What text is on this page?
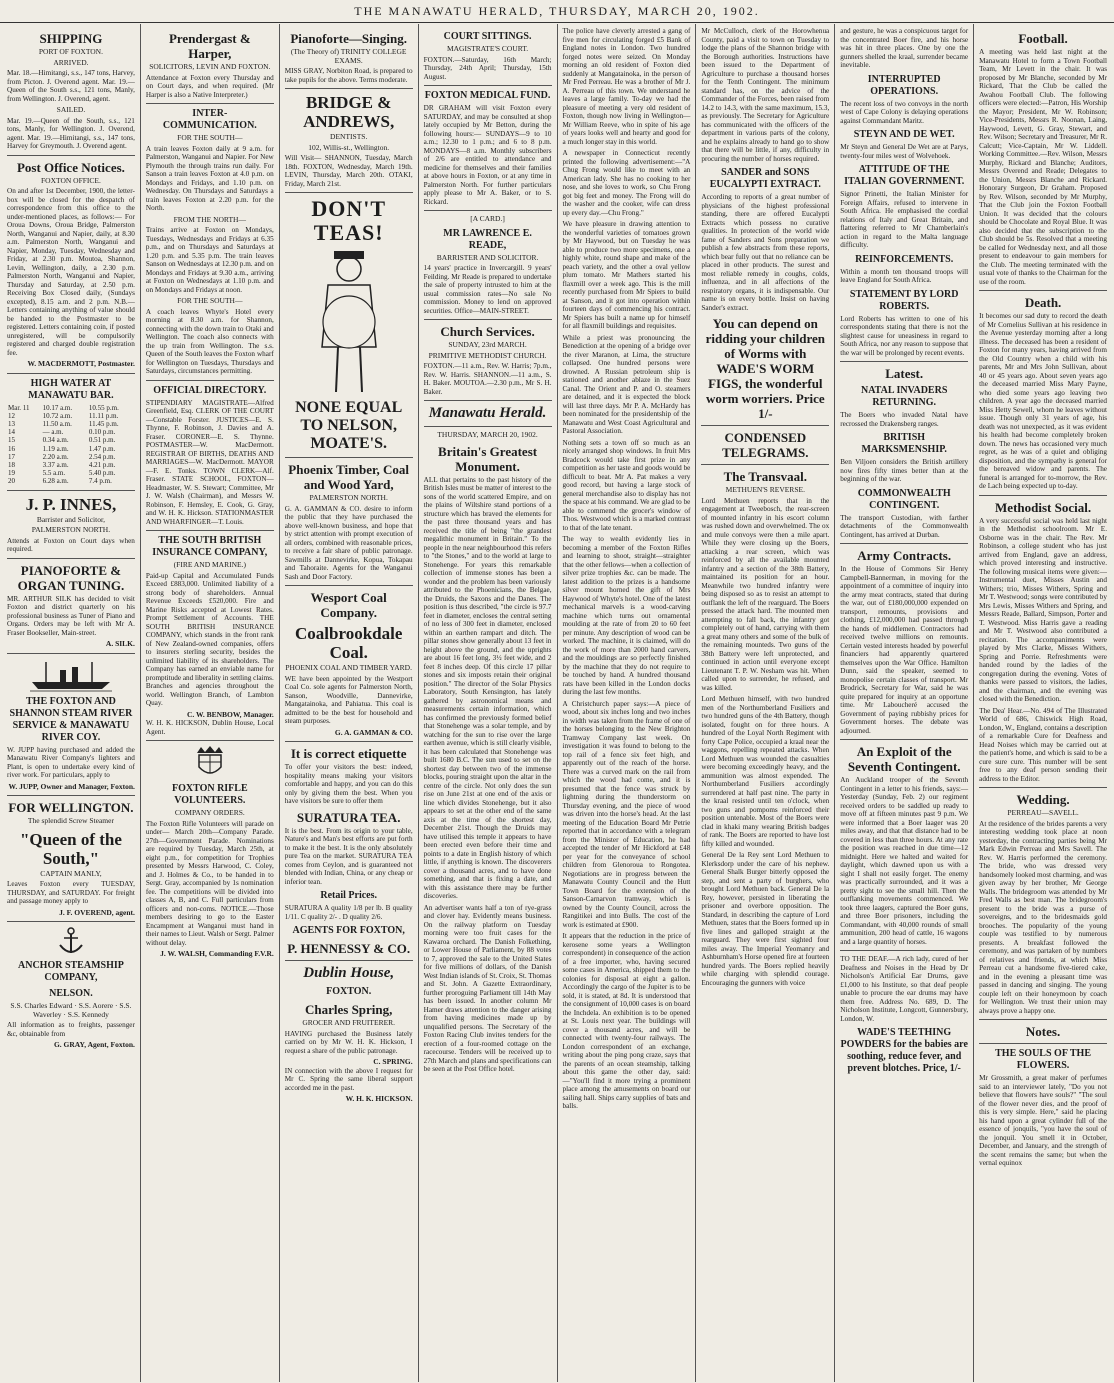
THE MANAWATU HERALD, THURSDAY, MARCH 20, 1902.
SHIPPING
PORT OF FOXTON.
ARRIVED.
Mar. 18.—Himitangi, s.s., 147 tons, Harvey, from Picton. J. Overend agent. Mar. 19.—Queen of the South s.s., 121 tons, Manly, from Wellington. J. Overend, agent.
SAILED.
Mar. 19.—Queen of the South, s.s., 121 tons, Manly, for Wellington. J. Overend, agent. Mar. 19.—Himitangi, s.s., 147 tons, Harvey for Greymouth. J. Overend agent.
Post Office Notices.
FOXTON OFFICE.
On and after 1st December, 1900, the letter-box will be closed for the despatch of correspondence from this office to the under-mentioned places, as follows:— For Oroua Downs, Oroua Bridge, Palmerston North, Wanganui and Napier, daily, at 8.30 a.m. Palmerston North, Wanganui and Napier, Monday, Tuesday, Wednesday and Friday, at 2.30 p.m. Moutoa, Shannon, Levin, Wellington, daily, a 2.30 p.m. Palmerston North, Wanganui and Napier, Thursday and Saturday, at 2.50 p.m. Receiving Box Closed daily, (Sundays excepted), 8.15 a.m. and 2 p.m. N.B.—Letters containing anything of value should be handed to the Postmaster to be registered. Letters containing coin, if posted unregistered, will be compulsorily registered and charged double registration fee.
W. MACDERMOTT, Postmaster.
HIGH WATER AT MANAWATU BAR.
Mar. 11	10.17 a.m.	10.55 p.m.
12	10.72 a.m.	11.11 p.m.
13	11.50 a.m.	11.45 p.m.
14	— a.m.	0.10 p.m.
15	0.34 a.m.	0.51 p.m.
16	1.19 a.m.	1.47 p.m.
17	2.20 a.m.	2.54 p.m.
18	3.37 a.m.	4.21 p.m.
19	5.5 a.m.	5.40 p.m.
20	6.28 a.m.	7.4 p.m.
J. P. INNES,
Barrister and Solicitor,
PALMERSTON NORTH.
Attends at Foxton on Court days when required.
PIANOFORTE & ORGAN TUNING.
MR. ARTHUR SILK has decided to visit Foxton and district quarterly on his professional business as Tuner of Piano and Organs. Orders may be left with Mr A. Fraser Bookseller, Main-street.
A. SILK.
THE FOXTON AND SHANNON STEAM RIVER SERVICE & MANAWATU RIVER COY.
W. JUPP having purchased and added the Manawatu River Company's lighters and Plant, is open to undertake every kind of river work. For particulars, apply to
W. JUPP, Owner and Manager, Foxton.
FOR WELLINGTON.
The splendid Screw Steamer
"Queen of the South,"
CAPTAIN MANLY,
Leaves Foxton every TUESDAY, THURSDAY, and SATURDAY. For freight and passage money apply to
J. F. OVEREND, agent.
ANCHOR STEAMSHIP COMPANY,
NELSON.
S.S. Charles Edward · S.S. Aorere · S.S. Waverley · S.S. Kennedy
All information as to freights, passenger &c, obtainable from
G. GRAY, Agent, Foxton.
Prendergast & Harper,
SOLICITORS, LEVIN AND FOXTON.
Attendance at Foxton every Thursday and on Court days, and when required. (Mr Harper is also a Native Interpreter.)
INTER-COMMUNICATION.
FOR THE SOUTH—
A train leaves Foxton daily at 9 a.m. for Palmerston, Wanganui and Napier. For New Plymouth the through trains run daily. For Sanson a train leaves Foxton at 4.0 p.m. on Mondays and Fridays, and 1.10 p.m. on Wednesday. On Thursdays and Saturdays a train leaves Foxton at 2.20 p.m. for the North.
FROM THE NORTH—
Trains arrive at Foxton on Mondays, Tuesdays, Wednesdays and Fridays at 6.35 p.m., and on Thursdays and Saturdays at 1.20 p.m. and 5.35 p.m. The train leaves Sanson on Wednesdays at 12.30 p.m. and on Mondays and Fridays at 9.30 a.m., arriving at Foxton on Wednesdays at 1.10 p.m. and on Mondays and Fridays at noon.
FOR THE SOUTH—
A coach leaves Whyte's Hotel every morning at 8.30 a.m. for Shannon, connecting with the down train to Otaki and Wellington. The coach also connects with the up train from Wellington. The s.s. Queen of the South leaves the Foxton wharf for Wellington on Tuesdays, Thursdays and Saturdays, circumstances permitting.
OFFICIAL DIRECTORY.
STIPENDIARY MAGISTRATE—Alfred Greenfield, Esq. CLERK OF THE COURT—Constable Forster. JUSTICES—E. S. Thynne, F. Robinson, J. Davies and A. Fraser. CORONER—E. S. Thynne. POSTMASTER—W. MacDermott. REGISTRAR OF BIRTHS, DEATHS AND MARRIAGES—W. MacDermott. MAYOR—F. E. Tonks. TOWN CLERK—Alf. Fraser. STATE SCHOOL, FOXTON—Headmaster, W. S. Stewart; Committee, Mr J. W. Walsh (Chairman), and Messrs W. Robinson, F. Hemsley, E. Cook, G. Gray, and W. H. K. Hickson. STATIONMASTER AND WHARFINGER—T. Louis.
THE SOUTH BRITISH INSURANCE COMPANY,
(FIRE AND MARINE.)
Paid-up Capital and Accumulated Funds Exceed £883,000. Unlimited liability of a strong body of shareholders. Annual Revenue Exceeds £520,000. Fire and Marine Risks accepted at Lowest Rates. Prompt Settlement of Accounts. THE SOUTH BRITISH INSURANCE COMPANY, which stands in the front rank of New Zealand-owned companies, offers to insurers sterling security, besides the unlimited liability of its shareholders. The Company has earned an enviable name for promptitude and liberality in settling claims. Branches and agencies throughout the world. Wellington Branch, of Lambton Quay.
C. W. BENBOW, Manager.
W. H. K. HICKSON, Dublin House, Local Agent.
FOXTON RIFLE VOLUNTEERS.
COMPANY ORDERS.
The Foxton Rifle Volunteers will parade on under— March 20th—Company Parade. 27th—Government Parade. Nominations are required by Tuesday, March 25th, at eight p.m., for competition for Trophies presented by Messrs Harwood, C. Coley, and J. Holmes & Co., to be handed in to Sergt. Gray, accompanied by 1s nomination fee. The competitions will be divided into classes A, B, and C. Full particulars from officers and non-coms. NOTICE.—Those members desiring to go to the Easter Encampment at Wanganui must hand in their names to Lieut. Walsh or Sergt. Palmer without delay.
J. W. WALSH, Commanding F.V.R.
Pianoforte—Singing.
(The Theory of) TRINITY COLLEGE EXAMS.
MISS GRAY, Norbiton Road, is prepared to take pupils for the above. Terms moderate.
BRIDGE & ANDREWS,
DENTISTS.
102, Willis-st., Wellington.
Will Visit— SHANNON, Tuesday, March 18th. FOXTON, Wednesday, March 19th. LEVIN, Thursday, March 20th. OTAKI, Friday, March 21st.
DON'T TEAS!
NONE EQUAL TO NELSON, MOATE'S.
Phoenix Timber, Coal and Wood Yard,
PALMERSTON NORTH.
G. A. GAMMAN & CO. desire to inform the public that they have purchased the above well-known business, and hope that by strict attention with prompt execution of all orders, combined with reasonable prices, to receive a fair share of public patronage. Sawmills at Dannevirke, Kopua, Tokapau and Tahoraite. Agents for the Wanganui Sash and Door Factory.
Wesport Coal Company.
Coalbrookdale Coal.
PHOENIX COAL AND TIMBER YARD.
WE have been appointed by the Westport Coal Co. sole agents for Palmerston North, Sanson, Woodville, Dannevirke, Mangatainoka, and Pahiatua. This coal is admitted to be the best for household and steam purposes.
G. A. GAMMAN & CO.
It is correct etiquette
To offer your visitors the best: indeed, hospitality means making your visitors comfortable and happy, and you can do this only by giving them the best. When you have visitors be sure to offer them
SURATURA TEA.
It is the best. From its origin to your table, Nature's and Man's best efforts are put forth to make it the best. It is the only absolutely pure Tea on the market. SURATURA TEA comes from Ceylon, and is guaranteed not blended with Indian, China, or any cheap or inferior tean.
Retail Prices.
SURATURA A quality 1/8 per lb. B quality 1/11. C quality 2/- . D quality 2/6.
AGENTS FOR FOXTON,
P. HENNESSY & CO.
Dublin House,
FOXTON.
Charles Spring,
GROCER AND FRUITERER.
HAVING purchased the Business lately carried on by Mr W. H. K. Hickson, I request a share of the public patronage.
C. SPRING.
IN connection with the above I request for Mr C. Spring the same liberal support accorded me in the past.
W. H. K. HICKSON.
COURT SITTINGS.
MAGISTRATE'S COURT.
FOXTON.—Saturday, 16th March; Thursday, 24th April; Thursday, 15th August.
FOXTON MEDICAL FUND.
DR GRAHAM will visit Foxton every SATURDAY, and may be consulted at shop lately occupied by Mr Betton, during the following hours:— SUNDAYS—9 to 10 a.m.; 12.30 to 1 p.m.; and 6 to 8 p.m. MONDAYS—8 a.m. Monthly subscribers of 2/6 are entitled to attendance and medicine for themselves and their families at above hours in Foxton, or at any time in Palmerston North. For further particulars apply please to Mr A. Baker, or to S. Rickard.
[A CARD.]
MR LAWRENCE E. READE,
BARRISTER AND SOLICITOR.
14 years' practice in Invercargill. 9 years' Feilding. Mr Reade is prepared to undertake the sale of property intrusted to him at the usual commission rates—No sale No commission. Money to lend on approved securities. Office—MAIN-STREET.
Church Services.
SUNDAY, 23rd MARCH.
PRIMITIVE METHODIST CHURCH.
FOXTON.—11 a.m., Rev. W. Harris; 7p.m., Rev. W. Harris. SHANNON.—11 a.m., S. H. Baker. MOUTOA.—2.30 p.m., Mr S. H. Baker.
Manawatu Herald.
THURSDAY, MARCH 20, 1902.
Britain's Greatest Monument.
ALL that pertains to the past history of the British Isles must be matter of interest to the sons of the world scattered Empire, and on the plains of Wiltshire stand portions of a structure which has braved the elements for the past three thousand years and has received the title of being "the grandest megalithic monument in Britain." To the people in the near neighbourhood this refers to "the Stones," and to the world at large to Stonehenge. For years this remarkable collection of immense stones has been a wonder and the problem has been variously attributed to the Phoenicians, the Belgae, the Druids, the Saxons and the Danes. The position is thus described, "the circle is 97.7 feet in diameter, encloses the central setting of no less of 300 feet in diameter, enclosed within an earthen rampart and ditch. The pillar stones show generally about 13 feet in height above the ground, and the uprights are about 16 feet long, 3½ feet wide, and 2 feet 8 inches deep. Of this circle 17 pillar stones and six imposts retain their original position." The director of the Solar Physics Laboratory, South Kensington, has lately gathered by astronomical means and measurements certain information, which has confirmed the previously formed belief that Stonehenge was a solar temple, and by watching for the sun to rise over the large earthen avenue, which is still clearly visible, it has been calculated that Stonehenge was built 1680 B.C. The sun used to set on the shortest day between two of the immense blocks, pouring straight upon the altar in the centre of the circle. Not only does the sun rise on June 21st at one end of the axis or line which divides Stonehenge, but it also appears to set at the other end of the same axis at the time of the shortest day, December 21st. Though the Druids may have utilised this temple it appears to have been erected even before their time and points to a date in English history of which little, if anything is known. The discoverers cover a thousand acres, and to have done something, and that is fixing a date, and with this assistance there may be further discoveries.
An advertiser wants half a ton of rye-grass and clover hay. Evidently means business. On the railway platform on Tuesday morning were too fruit cases for the Kawaroa orchard. The Danish Folkething, or Lower House of Parliament, by 88 votes to 7, approved the sale to the United States for five millions of dollars, of the Danish West Indian islands of St. Croix, St. Thomas and St. John. A Gazette Extraordinary, further proroguing Parliament till 14th May has been issued. In another column Mr Hamer draws attention to the danger arising from having medicines made up by unqualified persons. The Secretary of the Foxton Racing Club invites tenders for the erection of a four-roomed cottage on the racecourse. Tenders will be received up to 27th March and plans and specifications can be seen at the Post Office hotel.
The police have cleverly arrested a gang of five men for circulating forged £5 Bank of England notes in London. Two hundred forged notes were seized. On Monday morning an old resident of Foxton died suddenly at Mangatainoka, in the person of Mr Fred Perreau. He was a brother of Mr J. A. Perreau of this town. We understand he leaves a large family. To-day we had the pleasure of meeting a very old resident of Foxton, though now living in Wellington—Mr William Reeve, who in spite of his age of years looks well and hearty and good for a much longer stay in this world.
A newspaper in Connecticut recently printed the following advertisement:—"A Chug Frong would like to meet with an American lady. She has no cooking to her nose, and she loves to work, so Chu Frong got big feet and money. The Frong will do the washer and the cooker, wife can dress up every day.—Chu Frong."
We have pleasure in drawing attention to the wonderful varieties of tomatoes grown by Mr Haywood, but on Tuesday he was able to produce two more specimens, one a highly white, round shape and make of the peach variety, and the other a oval yellow plum tomato. Mr Mathers started his flaxmill over a week ago. This is the mill recently purchased from Mr Spiers to build at Sanson, and it got into operation within fourteen days of commencing his contract. Mr Spiers has built a name up for himself for all flaxmill buildings and requisites.
While a priest was pronouncing the Benediction at the opening of a bridge over the river Maranon, at Lima, the structure collapsed. One hundred persons were drowned. A Russian petroleum ship is stationed and another ablaze in the Suez Canal. The Orient and P. and O. steamers are detained, and it is expected the block will last three days. Mr P. A. McHardy has been nominated for the presidentship of the Manawatu and West Coast Agricultural and Pastoral Association.
Nothing sets a town off so much as an nicely arranged shop windows. In fruit Mrs Bradcock would take first prize in any competition as her taste and goods would be difficult to beat. Mr A. Pat makes a very good record, but having a large stock of general merchandise also to display has not the space at his command. We are glad to be able to commend the grocer's window of Thos. Westwood which is a marked contrast to that of the late tenant.
The way to wealth evidently lies in becoming a member of the Foxton Rifles and learning to shoot, straight—straighter that the other fellows—when a collection of silver prize trophies &c. can be made. The latest addition to the prizes is a handsome silver mount horned the gift of Mrs Haywood of Whyte's hotel. One of the latest mechanical marvels is a wood-carving machine which turns out ornamental moulding at the rate of from 20 to 60 feet per minute. Any description of wood can be worked. The machine, it is claimed, will do the work of more than 2000 hand carvers, and the mouldings are so perfectly finished by the machine that they do not require to be touched by hand. A hundred thousand rats have been killed in the London docks during the last few months.
A Christchurch paper says:—A piece of wood, about six inches long and two inches in width was taken from the frame of one of the horses belonging to the New Brighton Tramway Company last week. On investigation it was found to belong to the top rail of a fence six feet high, and apparently out of the reach of the horse. There was a curved mark on the rail from which the wood had come, and it is presumed that the fence was struck by lightning during the thunderstorm on Thursday evening, and the piece of wood was driven into the horse's head. At the last meeting of the Education Board Mr Petrie reported that in accordance with a telegram from the Minister of Education, he had accepted the tender of Mr Hickford at £48 per year for the conveyance of school children from Glenoroua to Rongotea. Negotiations are in progress between the Manawatu County Council and the Hutt Town Board for the extension of the Sanson-Carnarvon tramway, which is owned by the County Council, across the Rangitikei and into Bulls. The cost of the work is estimated at £900.
It appears that the reduction in the price of kerosene some years a Wellington correspondent) in consequence of the action of a free importer, who, having secured some cases in America, shipped them to the colonies for disposal at eight a gallon. Accordingly the cargo of the Jupiter is to be sold, it is stated, at 8d. It is understood that the consignment of 10,000 cases is on board the Inchdela. An exhibition is to be opened at St. Louis next year. The buildings will cover a thousand acres, and will be connected with twenty-four railways. The London correspondent of an exchange, writing about the ping pong craze, says that the parents of an ocean steamship, talking about this game the other day, said:—"You'll find it more trying a prominent place among the amusements on board our sailing hall. Ships carry supplies of bats and balls.
Mr McCulloch, clerk of the Horowhenua County, paid a visit to town on Tuesday to lodge the plans of the Shannon bridge with the Borough authorities. Instructions have been issued to the Department of Agriculture to purchase a thousand horses for the Tenth Contingent. The minimum standard has, on the advice of the Commander of the Forces, been raised from 14.2 to 14.3, with the same maximum, 15.3, as previously. The Secretary for Agriculture has communicated with the officers of the department in various parts of the colony, and he explains already to hand go to show that there will be little, if any, difficulty in procuring the number of horses required.
SANDER and SONS EUCALYPTI EXTRACT.
According to reports of a great number of physicians of the highest professional standing, there are offered Eucalypti Extracts which possess no curative qualities. In protection of the world wide fame of Sanders and Sons preparation we publish a few abstracts from these reports, which bear fully out that no reliance can be placed in other products. The surest and most reliable remedy in coughs, colds, influenza, and in all affections of the respiratory organs, it is indispensable. Our name is on every bottle. Insist on having Sander's extract.
You can depend on ridding your children of Worms with WADE'S WORM FIGS, the wonderful worm worriers. Price 1/-
CONDENSED TELEGRAMS.
The Transvaal.
METHUEN'S REVERSE.
Lord Methuen reports that in the engagement at Tweebosch, the rear-screen of mounted infantry in his escort column was rushed down and overwhelmed. The ox and mule convoys were then a mile apart. While they were closing up the Boers, attacking a rear screen, which was reinforced by all the available mounted infantry and a section of the 38th Battery, maintained its position for an hour. Meanwhile two hundred infantry were being disposed so as to resist an attempt to outflank the left of the rearguard. The Boers pressed the attack hard. The mounted men attempting to fall back, the infantry got completely out of hand, carrying with them a great many others and some of the bulk of the remaining mounteds. Two guns of the 38th Battery were left unprotected, and continued in action until everyone except Lieutenant T. P. W. Nesham was hit. When called upon to surrender, he refused, and was killed.
Lord Methuen himself, with two hundred men of the Northumberland Fusiliers and two hundred guns of the 4th Battery, though isolated, fought on for three hours. A hundred of the Loyal North Regiment with forty Cape Police, occupied a kraal near the waggons, repelling repeated attacks. When Lord Methuen was wounded the casualties were becoming exceedingly heavy, and the ammunition was almost expended. The Northumberland Fusiliers accordingly surrendered at half past nine. The party in the kraal resisted until ten o'clock, when two guns and pompoms reinforced their position untenable. Most of the Boers were clad in khaki many wearing British badges of rank. The Boers are reported to have lost fifty killed and wounded.
General De la Rey sent Lord Methuen to Klerksdorp under the care of his nephew. General Shalk Burger bitterly opposed the step, and sent a party of burghers, who brought Lord Methuen back. General De la Rey, however, persisted in liberating the prisoner and overbore opposition. The Standard, in describing the capture of Lord Methuen, states that the Boers formed up in five lines and galloped straight at the rearguard. They were first sighted four miles away. The Imperial Yeomanry and Ashburnham's Horse opened fire at fourteen hundred yards. The Boers replied heavily while charging with splendid courage. Encouraging the gunners with voice
and gesture, he was a conspicuous target for the concentrated Boer fire, and his horse was hit in three places. One by one the gunners shelled the kraal, surrender became inevitable.
INTERRUPTED OPERATIONS.
The recent loss of two convoys in the north west of Cape Colony is delaying operations against Commandant Maritz.
STEYN AND DE WET.
Mr Steyn and General De Wet are at Parys, twenty-four miles west of Wolvehoek.
ATTITUDE OF THE ITALIAN GOVERNMENT.
Signor Prinetti, the Italian Minister for Foreign Affairs, refused to intervene in South Africa. He emphasised the cordial relations of Italy and Great Britain, and flattering referred to Mr Chamberlain's action in regard to the Malta language difficulty.
REINFORCEMENTS.
Within a month ten thousand troops will leave England for South Africa.
STATEMENT BY LORD ROBERTS.
Lord Roberts has written to one of his correspondents stating that there is not the slightest cause for uneasiness in regard to South Africa, nor any reason to suppose that the war will be prolonged by recent events.
Latest.
NATAL INVADERS RETURNING.
The Boers who invaded Natal have recrossed the Drakensberg ranges.
BRITISH MARKSMENSHIP.
Ben Viljoen considers the British artillery now fires fifty times better than at the beginning of the war.
COMMONWEALTH CONTINGENT.
The transport Custodian, with farther detachments of the Commonwealth Contingent, has arrived at Durban.
Army Contracts.
In the House of Commons Sir Henry Campbell-Bannerman, in moving for the appointment of a committee of inquiry into the army meat contracts, stated that during the war, out of £180,000,000 expended on transport, remounts, provisions and clothing, £12,000,000 had passed through the hands of middlemen. Contractors had received twelve millions on remounts. Certain vested interests headed by powerful financiers had apparently quartered themselves upon the War Office. Hamilton Dunn, said the speaker, seemed to monopolise certain classes of transport. Mr Brodrick, Secretary for War, said he was quite prepared for inquiry at an opportune time. Mr Laboucheré accused the Government of paying rubbishy prices for Government horses. The debate was adjourned.
An Exploit of the Seventh Contingent.
An Auckland trooper of the Seventh Contingent in a letter to his friends, says:—Yesterday (Sunday, Feb. 2) our regiment received orders to be saddled up ready to move off at fifteen minutes past 9 p.m. We were informed that a Boer laager was 20 miles away, and that that distance had to be covered in less than three hours. At any rate the position was reached in due time—12 midnight. Here we halted and waited for daylight, which dawned upon us with a sight I shall not easily forget. The enemy was practically surrounded, and it was a pretty sight to see the small hill. Then the outflanking movements commenced. We took three laagers, captured the Boer guns, and three Boer prisoners, including the Commandant, with 40,000 rounds of small ammunition, 200 head of cattle, 16 wagons and a large quantity of horses.
TO THE DEAF.—A rich lady, cured of her Deafness and Noises in the Head by Dr Nicholson's Artificial Ear Drums, gave £1,000 to his Institute, so that deaf people unable to procure the ear drums may have them free. Address No. 689, D. The Nicholson Institute, Longcott, Gunnersbury, London, W.
WADE'S TEETHING POWDERS for the babies are soothing, reduce fever, and prevent blotches. Price, 1/-
Football.
A meeting was held last night at the Manawatu Hotel to form a Town Football Team, Mr Levett in the chair. It was proposed by Mr Blanche, seconded by Mr Rickard, That the Club be called the Awahou Football Club. The following officers were elected:—Patron, His Worship the Mayor; President, Mr W. Robinson; Vice-Presidents, Messrs R. Noonan, Laing, Haywood, Levett, G. Gray, Stewart, and Rev. Wilson; Secretary and Treasurer, Mr R. Calcutt; Vice-Captain, Mr W. Liddell. Working Committee.—Rev. Wilson, Messrs Murphy, Rickard and Blanche; Auditors, Messrs Overend and Reade; Delegates to the Union, Messrs Blanche and Rickard. Honorary Surgeon, Dr Graham. Proposed by Rev. Wilson, seconded by Mr Murphy, That the Club join the Foxton Football Union. It was decided that the colours should be Chocolate and Royal Blue. It was also decided that the subscription to the Club should be 5s. Resolved that a meeting be called for Wednesday next, and all those present to endeavour to gain members for the Club. The meeting terminated with the usual vote of thanks to the Chairman for the use of the room.
Death.
It becomes our sad duty to record the death of Mr Cornelius Sullivan at his residence in the Avenue yesterday morning after a long illness. The deceased has been a resident of Foxton for many years, having arrived from the Old Country when a child with his parents, Mr and Mrs John Sullivan, about 40 or 45 years ago. About seven years ago the deceased married Miss Mary Payne, who died some years ago leaving two children. A year ago the deceased married Miss Hetty Sewell, whom he leaves without issue. Though only 31 years of age, his death was not unexpected, as it was evident his health had become completely broken down. The news has occasioned very much regret, as he was of a quiet and obliging disposition, and the sympathy is general for the bereaved widow and parents. The funeral is arranged for to-morrow, the Rev. de Lach being expected up to-day.
Methodist Social.
A very successful social was held last night in the Methodist schoolroom. Mr E. Osborne was in the chair. The Rev. Mr Robinson, a college student who has just arrived from England, gave an address, which proved interesting and instructive. The following musical items were given:—Instrumental duet, Misses Austin and Withers; trio, Misses Withers, Spring and Mr T. Westwood; songs were contributed by Mrs Lewis, Misses Withers and Spring, and Messrs Reade, Ballard, Simpson, Porter and T. Westwood. Miss Harris gave a reading and Mr T. Westwood also contributed a recitation. The accompaniments were played by Mrs Clarke, Misses Withers, Spring and Porrie. Refreshments were handed round by the ladies of the congregation during the evening. Votes of thanks were passed to visitors, the ladies, and the chairman, and the evening was closed with the Benediction.
The Dea' Hear.—No. 494 of The Illustrated World of 686, Chiswick High Road, London, W., England, contains a description of a remarkable Cure for Deafness and Head Noises which may be carried out at the patient's home, and which is said to be a cure sure cure. This number will be sent free to any deaf person sending their address to the Editor.
Wedding.
PERREAU—SAVELL.
At the residence of the brides parents a very interesting wedding took place at noon yesterday, the contracting parties being Mr Mark Edwin Perreau and Mrs Savell. The Rev. W. Harris performed the ceremony. The bride, who was dressed very handsomely looked most charming, and was given away by her brother, Mr George Walls. The bridegroom was attended by Mr Fred Walls as best man. The bridegroom's present to the bride was a purse of sovereigns, and to the bridesmaids gold brooches. The popularity of the young couple was testified to by numerous presents. A breakfast followed the ceremony, and was partaken of by numbers of relatives and friends, at which Miss Perreau cut a handsome five-tiered cake, and in the evening a pleasant time was passed in dancing and singing. The young couple left on their honeymoon by coach for Wellington. We trust their union may always prove a happy one.
Notes.
THE SOULS OF THE FLOWERS.
Mr Grossmith, a great maker of perfumes said to an interviewer lately, "Do you not believe that flowers have souls?" "The soul of the flower never dies, and the proof of this is very simple. Here," said he placing his hand upon a great cylinder full of the essence of jonquils, "you have the soul of the jonquil. You smell it in October, December, and January, and the strength of the scent remains the same; but when the vernal equinox
